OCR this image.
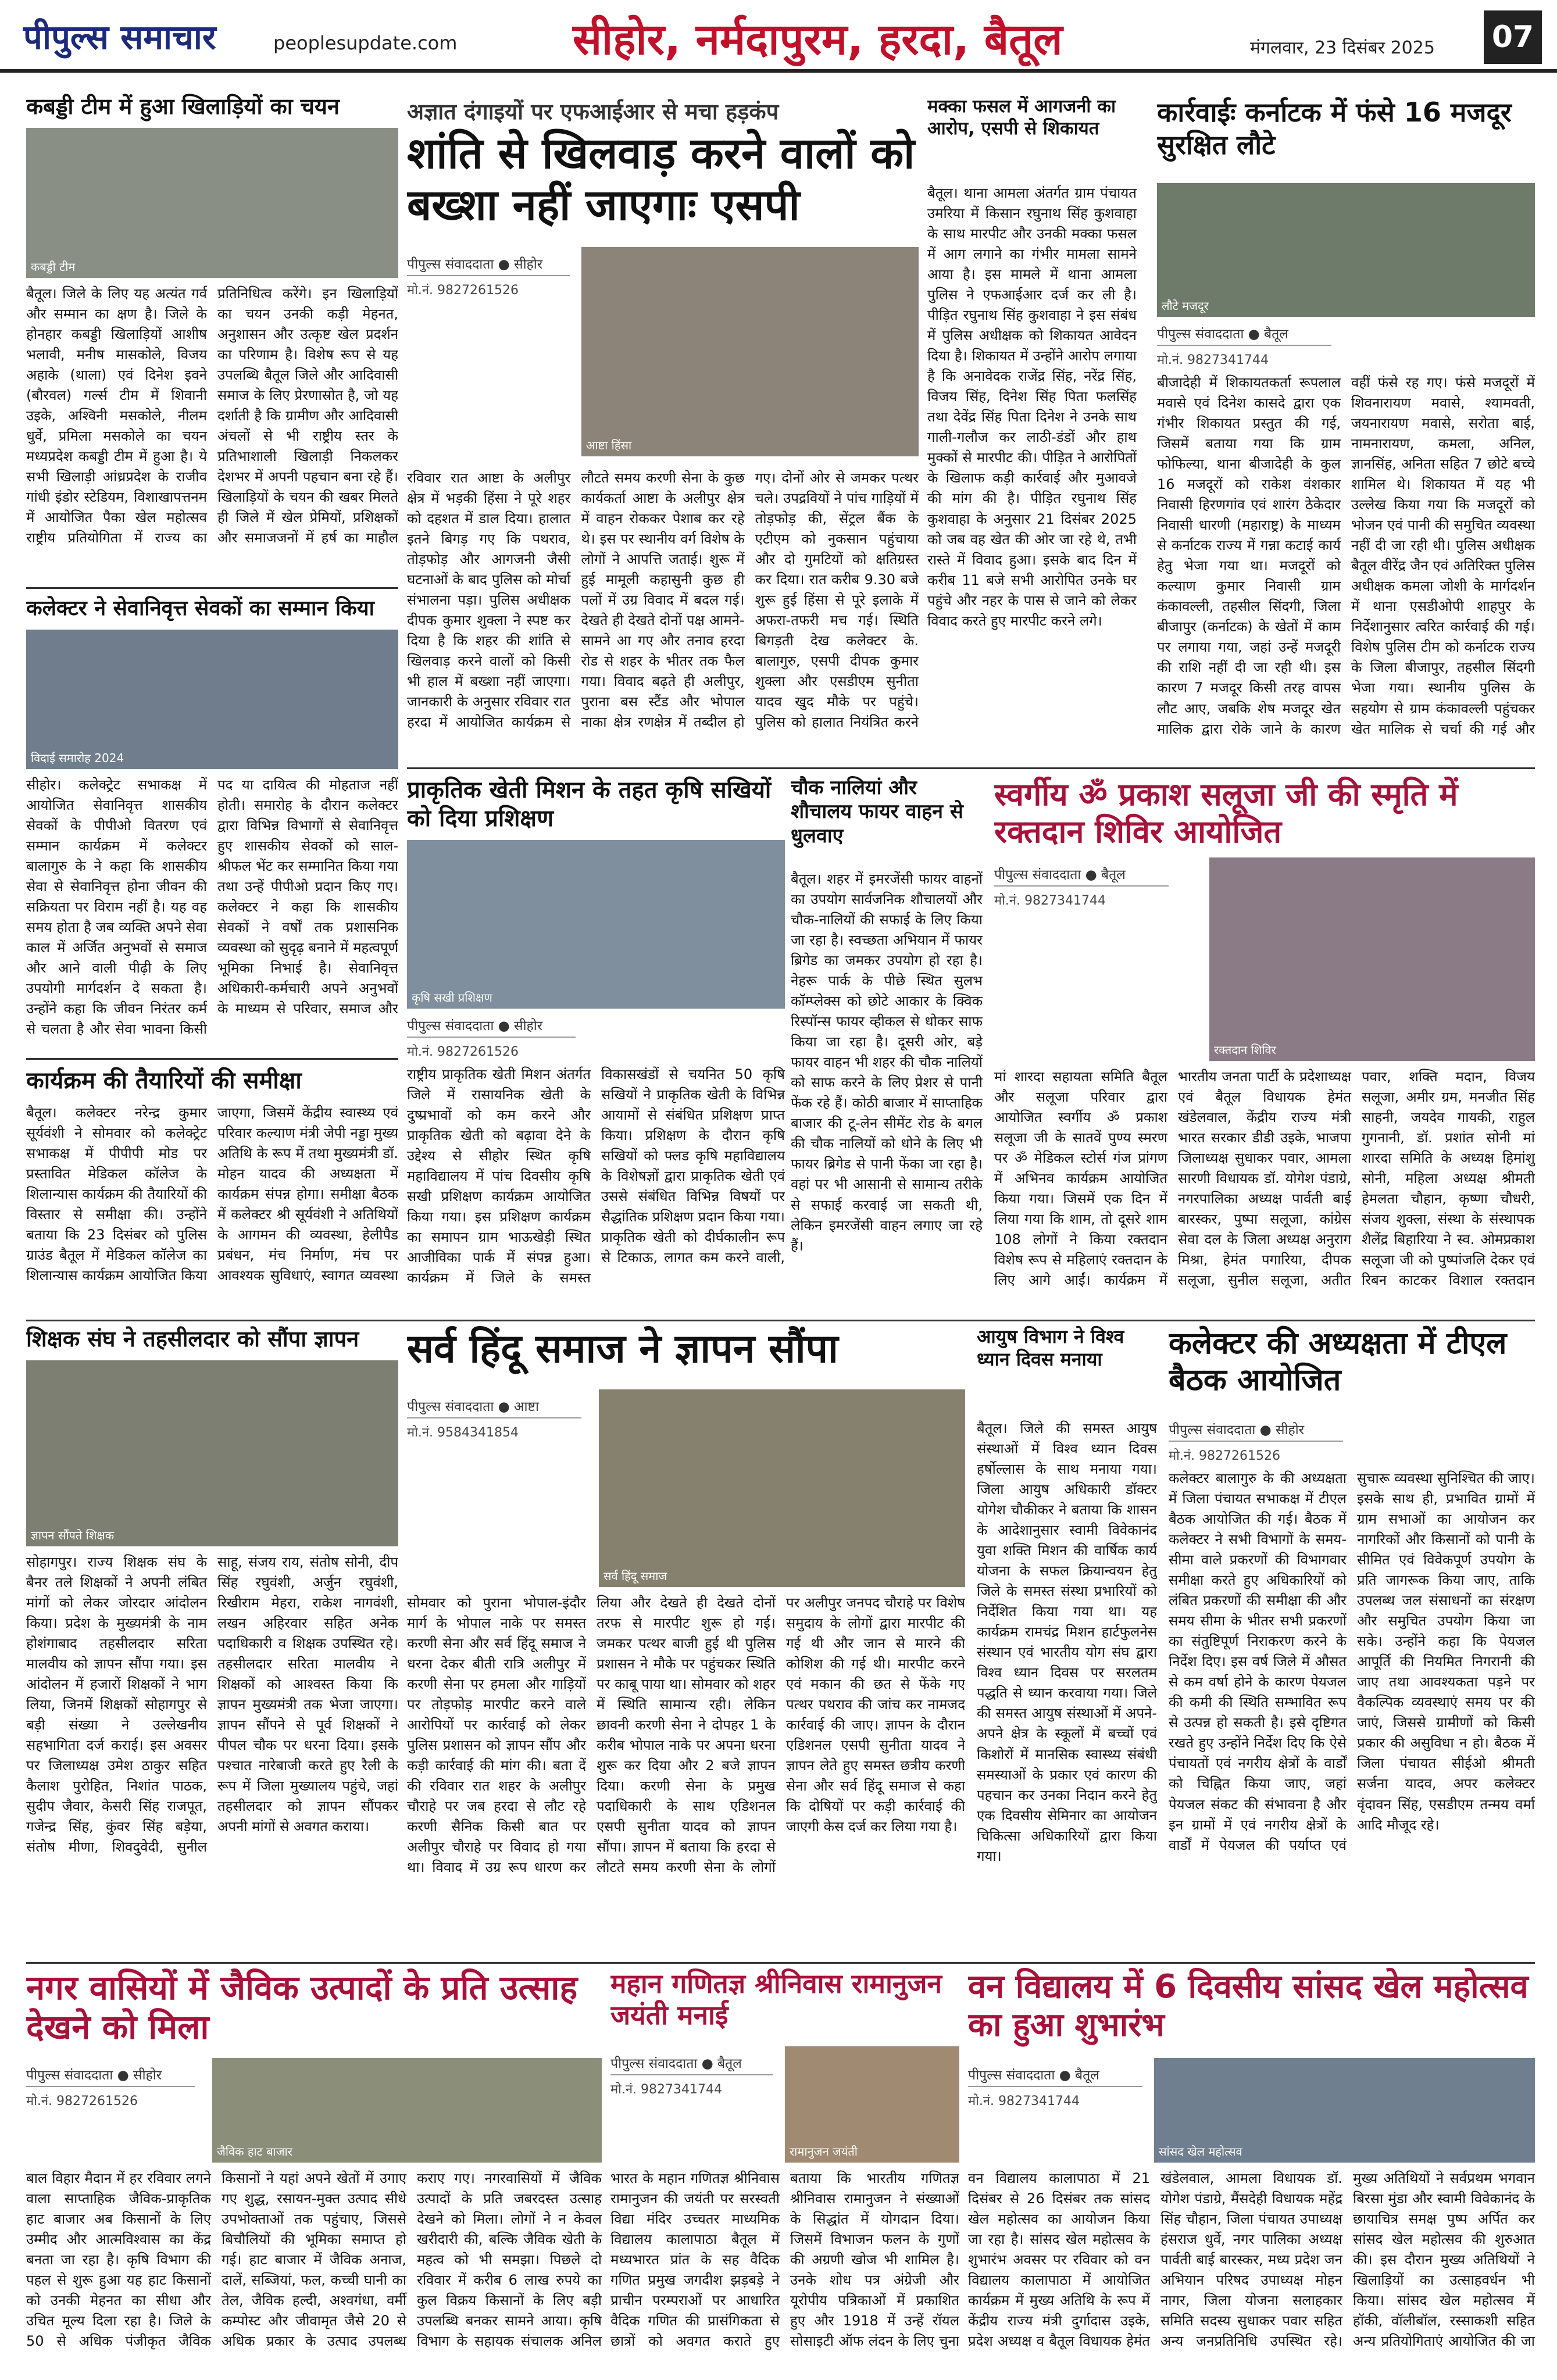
पीपुल्स समाचार	peoplesupdate.com	सीहोर, नर्मदापुरम, हरदा, बैतूल	मंगलवार, 23 दिसंबर 2025 07
कबड्डी टीम में हुआ खिलाड़ियों का चयन
कबड्डी टीम
बैतूल। जिले के लिए यह अत्यंत गर्व और सम्मान का क्षण है। जिले के होनहार कबड्डी खिलाड़ियों आशीष भलावी, मनीष मासकोले, विजय अहाके (थाला) एवं दिनेश इवने (बौरवल) गर्ल्स टीम में शिवानी उइके, अश्विनी मसकोले, नीलम धुर्वे, प्रमिला मसकोले का चयन मध्यप्रदेश कबड्डी टीम में हुआ है। ये सभी खिलाड़ी आंध्रप्रदेश के राजीव गांधी इंडोर स्टेडियम, विशाखापत्तनम में आयोजित पैका खेल महोत्सव राष्ट्रीय प्रतियोगिता में राज्य का प्रतिनिधित्व करेंगे। इन खिलाड़ियों का चयन उनकी कड़ी मेहनत, अनुशासन और उत्कृष्ट खेल प्रदर्शन का परिणाम है। विशेष रूप से यह उपलब्धि बैतूल जिले और आदिवासी समाज के लिए प्रेरणास्रोत है, जो यह दर्शाती है कि ग्रामीण और आदिवासी अंचलों से भी राष्ट्रीय स्तर के प्रतिभाशाली खिलाड़ी निकलकर देशभर में अपनी पहचान बना रहे हैं। खिलाड़ियों के चयन की खबर मिलते ही जिले में खेल प्रेमियों, प्रशिक्षकों और समाजजनों में हर्ष का माहौल
कलेक्टर ने सेवानिवृत्त सेवकों का सम्मान किया
विदाई समारोह 2024
सीहोर। कलेक्ट्रेट सभाकक्ष में आयोजित सेवानिवृत्त शासकीय सेवकों के पीपीओ वितरण एवं सम्मान कार्यक्रम में कलेक्टर बालागुरु के ने कहा कि शासकीय सेवा से सेवानिवृत्त होना जीवन की सक्रियता पर विराम नहीं है। यह वह समय होता है जब व्यक्ति अपने सेवा काल में अर्जित अनुभवों से समाज और आने वाली पीढ़ी के लिए उपयोगी मार्गदर्शन दे सकता है। उन्होंने कहा कि जीवन निरंतर कर्म से चलता है और सेवा भावना किसी पद या दायित्व की मोहताज नहीं होती। समारोह के दौरान कलेक्टर द्वारा विभिन्न विभागों से सेवानिवृत्त हुए शासकीय सेवकों को साल-श्रीफल भेंट कर सम्मानित किया गया तथा उन्हें पीपीओ प्रदान किए गए। कलेक्टर ने कहा कि शासकीय सेवकों ने वर्षों तक प्रशासनिक व्यवस्था को सुदृढ़ बनाने में महत्वपूर्ण भूमिका निभाई है। सेवानिवृत्त अधिकारी-कर्मचारी अपने अनुभवों के माध्यम से परिवार, समाज और
कार्यक्रम की तैयारियों की समीक्षा
बैतूल। कलेक्टर नरेन्द्र कुमार सूर्यवंशी ने सोमवार को कलेक्ट्रेट सभाकक्ष में पीपीपी मोड पर प्रस्तावित मेडिकल कॉलेज के शिलान्यास कार्यक्रम की तैयारियों की विस्तार से समीक्षा की। उन्होंने बताया कि 23 दिसंबर को पुलिस ग्राउंड बैतूल में मेडिकल कॉलेज का शिलान्यास कार्यक्रम आयोजित किया जाएगा, जिसमें केंद्रीय स्वास्थ्य एवं परिवार कल्याण मंत्री जेपी नड्डा मुख्य अतिथि के रूप में तथा मुख्यमंत्री डॉ. मोहन यादव की अध्यक्षता में कार्यक्रम संपन्न होगा। समीक्षा बैठक में कलेक्टर श्री सूर्यवंशी ने अतिथियों के आगमन की व्यवस्था, हेलीपैड प्रबंधन, मंच निर्माण, मंच पर आवश्यक सुविधाएं, स्वागत व्यवस्था
अज्ञात दंगाइयों पर एफआईआर से मचा हड़कंप
शांति से खिलवाड़ करने वालों को बख्शा नहीं जाएगाः एसपी
पीपुल्स संवाददाता ● सीहोर
मो.नं. 9827261526
आष्टा हिंसा
रविवार रात आष्टा के अलीपुर क्षेत्र में भड़की हिंसा ने पूरे शहर को दहशत में डाल दिया। हालात इतने बिगड़ गए कि पथराव, तोड़फोड़ और आगजनी जैसी घटनाओं के बाद पुलिस को मोर्चा संभालना पड़ा। पुलिस अधीक्षक दीपक कुमार शुक्ला ने स्पष्ट कर दिया है कि शहर की शांति से खिलवाड़ करने वालों को किसी भी हाल में बख्शा नहीं जाएगा। जानकारी के अनुसार रविवार रात हरदा में आयोजित कार्यक्रम से लौटते समय करणी सेना के कुछ कार्यकर्ता आष्टा के अलीपुर क्षेत्र में वाहन रोककर पेशाब कर रहे थे। इस पर स्थानीय वर्ग विशेष के लोगों ने आपत्ति जताई। शुरू में हुई मामूली कहासुनी कुछ ही पलों में उग्र विवाद में बदल गई। देखते ही देखते दोनों पक्ष आमने-सामने आ गए और तनाव हरदा रोड से शहर के भीतर तक फैल गया। विवाद बढ़ते ही अलीपुर, पुराना बस स्टैंड और भोपाल नाका क्षेत्र रणक्षेत्र में तब्दील हो गए। दोनों ओर से जमकर पत्थर चले। उपद्रवियों ने पांच गाड़ियों में तोड़फोड़ की, सेंट्रल बैंक के एटीएम को नुकसान पहुंचाया और दो गुमटियों को क्षतिग्रस्त कर दिया। रात करीब 9.30 बजे शुरू हुई हिंसा से पूरे इलाके में अफरा-तफरी मच गई। स्थिति बिगड़ती देख कलेक्टर के. बालागुरु, एसपी दीपक कुमार शुक्ला और एसडीएम सुनीता यादव खुद मौके पर पहुंचे। पुलिस को हालात नियंत्रित करने
मक्का फसल में आगजनी का आरोप, एसपी से शिकायत
बैतूल। थाना आमला अंतर्गत ग्राम पंचायत उमरिया में किसान रघुनाथ सिंह कुशवाहा के साथ मारपीट और उनकी मक्का फसल में आग लगाने का गंभीर मामला सामने आया है। इस मामले में थाना आमला पुलिस ने एफआईआर दर्ज कर ली है। पीड़ित रघुनाथ सिंह कुशवाहा ने इस संबंध में पुलिस अधीक्षक को शिकायत आवेदन दिया है। शिकायत में उन्होंने आरोप लगाया है कि अनावेदक राजेंद्र सिंह, नरेंद्र सिंह, विजय सिंह, दिनेश सिंह पिता फलसिंह तथा देवेंद्र सिंह पिता दिनेश ने उनके साथ गाली-गलौज कर लाठी-डंडों और हाथ मुक्कों से मारपीट की। पीड़ित ने आरोपितों के खिलाफ कड़ी कार्रवाई और मुआवजे की मांग की है। पीड़ित रघुनाथ सिंह कुशवाहा के अनुसार 21 दिसंबर 2025 को जब वह खेत की ओर जा रहे थे, तभी रास्ते में विवाद हुआ। इसके बाद दिन में करीब 11 बजे सभी आरोपित उनके घर पहुंचे और नहर के पास से जाने को लेकर विवाद करते हुए मारपीट करने लगे।
कार्रवाईः कर्नाटक में फंसे 16 मजदूर सुरक्षित लौटे
लौटे मजदूर
पीपुल्स संवाददाता ● बैतूल
मो.नं. 9827341744
बीजादेही में शिकायतकर्ता रूपलाल मवासे एवं दिनेश कासदे द्वारा एक गंभीर शिकायत प्रस्तुत की गई, जिसमें बताया गया कि ग्राम फोफिल्या, थाना बीजादेही के कुल 16 मजदूरों को राकेश वंशकार निवासी हिरणगांव एवं शारंग ठेकेदार निवासी धारणी (महाराष्ट्र) के माध्यम से कर्नाटक राज्य में गन्ना कटाई कार्य हेतु भेजा गया था। मजदूरों को कल्याण कुमार निवासी ग्राम कंकावल्ली, तहसील सिंदगी, जिला बीजापुर (कर्नाटक) के खेतों में काम पर लगाया गया, जहां उन्हें मजदूरी की राशि नहीं दी जा रही थी। इस कारण 7 मजदूर किसी तरह वापस लौट आए, जबकि शेष मजदूर खेत मालिक द्वारा रोके जाने के कारण वहीं फंसे रह गए। फंसे मजदूरों में शिवनारायण मवासे, श्यामवती, जयनारायण मवासे, सरोता बाई, नामनारायण, कमला, अनिल, ज्ञानसिंह, अनिता सहित 7 छोटे बच्चे शामिल थे। शिकायत में यह भी उल्लेख किया गया कि मजदूरों को भोजन एवं पानी की समुचित व्यवस्था नहीं दी जा रही थी। पुलिस अधीक्षक बैतूल वीरेंद्र जैन एवं अतिरिक्त पुलिस अधीक्षक कमला जोशी के मार्गदर्शन में थाना एसडीओपी शाहपुर के निर्देशानुसार त्वरित कार्रवाई की गई। विशेष पुलिस टीम को कर्नाटक राज्य के जिला बीजापुर, तहसील सिंदगी भेजा गया। स्थानीय पुलिस के सहयोग से ग्राम कंकावल्ली पहुंचकर खेत मालिक से चर्चा की गई और
प्राकृतिक खेती मिशन के तहत कृषि सखियों को दिया प्रशिक्षण
कृषि सखी प्रशिक्षण
पीपुल्स संवाददाता ● सीहोर
मो.नं. 9827261526
राष्ट्रीय प्राकृतिक खेती मिशन अंतर्गत जिले में रासायनिक खेती के दुष्प्रभावों को कम करने और प्राकृतिक खेती को बढ़ावा देने के उद्देश्य से सीहोर स्थित कृषि महाविद्यालय में पांच दिवसीय कृषि सखी प्रशिक्षण कार्यक्रम आयोजित किया गया। इस प्रशिक्षण कार्यक्रम का समापन ग्राम भाऊखेड़ी स्थित आजीविका पार्क में संपन्न हुआ। कार्यक्रम में जिले के समस्त विकासखंडों से चयनित 50 कृषि सखियों ने प्राकृतिक खेती के विभिन्न आयामों से संबंधित प्रशिक्षण प्राप्त किया। प्रशिक्षण के दौरान कृषि सखियों को फ्लड कृषि महाविद्यालय के विशेषज्ञों द्वारा प्राकृतिक खेती एवं उससे संबंधित विभिन्न विषयों पर सैद्धांतिक प्रशिक्षण प्रदान किया गया। प्राकृतिक खेती को दीर्घकालीन रूप से टिकाऊ, लागत कम करने वाली,
चौक नालियां और शौचालय फायर वाहन से धुलवाए
बैतूल। शहर में इमरजेंसी फायर वाहनों का उपयोग सार्वजनिक शौचालयों और चौक-नालियों की सफाई के लिए किया जा रहा है। स्वच्छता अभियान में फायर ब्रिगेड का जमकर उपयोग हो रहा है। नेहरू पार्क के पीछे स्थित सुलभ कॉम्प्लेक्स को छोटे आकार के क्विक रिस्पॉन्स फायर व्हीकल से धोकर साफ किया जा रहा है। दूसरी ओर, बड़े फायर वाहन भी शहर की चौक नालियों को साफ करने के लिए प्रेशर से पानी फेंक रहे हैं। कोठी बाजार में साप्ताहिक बाजार की टू-लेन सीमेंट रोड के बगल की चौक नालियों को धोने के लिए भी फायर ब्रिगेड से पानी फेंका जा रहा है। वहां पर भी आसानी से सामान्य तरीके से सफाई करवाई जा सकती थी, लेकिन इमरजेंसी वाहन लगाए जा रहे हैं।
स्वर्गीय ॐ प्रकाश सलूजा जी की स्मृति में रक्तदान शिविर आयोजित
पीपुल्स संवाददाता ● बैतूल
मो.नं. 9827341744
रक्तदान शिविर
मां शारदा सहायता समिति बैतूल और सलूजा परिवार द्वारा आयोजित स्वर्गीय ॐ प्रकाश सलूजा जी के सातवें पुण्य स्मरण पर ॐ मेडिकल स्टोर्स गंज प्रांगण में अभिनव कार्यक्रम आयोजित किया गया। जिसमें एक दिन में लिया गया कि शाम, तो दूसरे शाम 108 लोगों ने किया रक्तदान विशेष रूप से महिलाएं रक्तदान के लिए आगे आईं। कार्यक्रम में भारतीय जनता पार्टी के प्रदेशाध्यक्ष एवं बैतूल विधायक हेमंत खंडेलवाल, केंद्रीय राज्य मंत्री भारत सरकार डीडी उइके, भाजपा जिलाध्यक्ष सुधाकर पवार, आमला सारणी विधायक डॉ. योगेश पंडाग्रे, नगरपालिका अध्यक्ष पार्वती बाई बारस्कर, पुष्पा सलूजा, कांग्रेस सेवा दल के जिला अध्यक्ष अनुराग मिश्रा, हेमंत पगारिया, दीपक सलूजा, सुनील सलूजा, अतीत पवार, शक्ति मदान, विजय सलूजा, अमीर ग्रम, मनजीत सिंह साहनी, जयदेव गायकी, राहुल गुगनानी, डॉ. प्रशांत सोनी मां शारदा समिति के अध्यक्ष हिमांशु सोनी, महिला अध्यक्ष श्रीमती हेमलता चौहान, कृष्णा चौधरी, संजय शुक्ला, संस्था के संस्थापक शैलेंद्र बिहारिया ने स्व. ओमप्रकाश सलूजा जी को पुष्पांजलि देकर एवं रिबन काटकर विशाल रक्तदान
शिक्षक संघ ने तहसीलदार को सौंपा ज्ञापन
ज्ञापन सौंपते शिक्षक
सोहागपुर। राज्य शिक्षक संघ के बैनर तले शिक्षकों ने अपनी लंबित मांगों को लेकर जोरदार आंदोलन किया। प्रदेश के मुख्यमंत्री के नाम होशंगाबाद तहसीलदार सरिता मालवीय को ज्ञापन सौंपा गया। इस आंदोलन में हजारों शिक्षकों ने भाग लिया, जिनमें शिक्षकों सोहागपुर से बड़ी संख्या ने उल्लेखनीय सहभागिता दर्ज कराई। इस अवसर पर जिलाध्यक्ष उमेश ठाकुर सहित कैलाश पुरोहित, निशांत पाठक, सुदीप जैवार, केसरी सिंह राजपूत, गजेन्द्र सिंह, कुंवर सिंह बड़ेया, संतोष मीणा, शिवदुवेदी, सुनील साहू, संजय राय, संतोष सोनी, दीप सिंह रघुवंशी, अर्जुन रघुवंशी, रिखीराम मेहरा, राकेश नागवंशी, लखन अहिरवार सहित अनेक पदाधिकारी व शिक्षक उपस्थित रहे। तहसीलदार सरिता मालवीय ने शिक्षकों को आश्वस्त किया कि ज्ञापन मुख्यमंत्री तक भेजा जाएगा। ज्ञापन सौंपने से पूर्व शिक्षकों ने पीपल चौक पर धरना दिया। इसके पश्चात नारेबाजी करते हुए रैली के रूप में जिला मुख्यालय पहुंचे, जहां तहसीलदार को ज्ञापन सौंपकर अपनी मांगों से अवगत कराया।
सर्व हिंदू समाज ने ज्ञापन सौंपा
पीपुल्स संवाददाता ● आष्टा
मो.नं. 9584341854
सर्व हिंदू समाज
सोमवार को पुराना भोपाल-इंदौर मार्ग के भोपाल नाके पर समस्त करणी सेना और सर्व हिंदू समाज ने धरना देकर बीती रात्रि अलीपुर में करणी सेना पर हमला और गाड़ियों पर तोड़फोड़ मारपीट करने वाले आरोपियों पर कार्रवाई को लेकर पुलिस प्रशासन को ज्ञापन सौंप और कड़ी कार्रवाई की मांग की। बता दें की रविवार रात शहर के अलीपुर चौराहे पर जब हरदा से लौट रहे करणी सैनिक किसी बात पर अलीपुर चौराहे पर विवाद हो गया था। विवाद में उग्र रूप धारण कर लिया और देखते ही देखते दोनों तरफ से मारपीट शुरू हो गई। जमकर पत्थर बाजी हुई थी पुलिस प्रशासन ने मौके पर पहुंचकर स्थिति पर काबू पाया था। सोमवार को शहर में स्थिति सामान्य रही। लेकिन छावनी करणी सेना ने दोपहर 1 के करीब भोपाल नाके पर अपना धरना शुरू कर दिया और 2 बजे ज्ञापन दिया। करणी सेना के प्रमुख पदाधिकारी के साथ एडिशनल एसपी सुनीता यादव को ज्ञापन सौंपा। ज्ञापन में बताया कि हरदा से लौटते समय करणी सेना के लोगों पर अलीपुर जनपद चौराहे पर विशेष समुदाय के लोगों द्वारा मारपीट की गई थी और जान से मारने की कोशिश की गई थी। मारपीट करने एवं मकान की छत से फेंके गए पत्थर पथराव की जांच कर नामजद कार्रवाई की जाए। ज्ञापन के दौरान एडिशनल एसपी सुनीता यादव ने ज्ञापन लेते हुए समस्त छत्रीय करणी सेना और सर्व हिंदू समाज से कहा कि दोषियों पर कड़ी कार्रवाई की जाएगी केस दर्ज कर लिया गया है।
आयुष विभाग ने विश्व ध्यान दिवस मनाया
बैतूल। जिले की समस्त आयुष संस्थाओं में विश्व ध्यान दिवस हर्षोल्लास के साथ मनाया गया। जिला आयुष अधिकारी डॉक्टर योगेश चौकीकर ने बताया कि शासन के आदेशानुसार स्वामी विवेकानंद युवा शक्ति मिशन की वार्षिक कार्य योजना के सफल क्रियान्वयन हेतु जिले के समस्त संस्था प्रभारियों को निर्देशित किया गया था। यह कार्यक्रम रामचंद्र मिशन हार्टफुलनेस संस्थान एवं भारतीय योग संघ द्वारा विश्व ध्यान दिवस पर सरलतम पद्धति से ध्यान करवाया गया। जिले की समस्त आयुष संस्थाओं में अपने-अपने क्षेत्र के स्कूलों में बच्चों एवं किशोरों में मानसिक स्वास्थ्य संबंधी समस्याओं के प्रकार एवं कारण की पहचान कर उनका निदान करने हेतु एक दिवसीय सेमिनार का आयोजन चिकित्सा अधिकारियों द्वारा किया गया।
कलेक्टर की अध्यक्षता में टीएल बैठक आयोजित
पीपुल्स संवाददाता ● सीहोर
मो.नं. 9827261526
कलेक्टर बालागुरु के की अध्यक्षता में जिला पंचायत सभाकक्ष में टीएल बैठक आयोजित की गई। बैठक में कलेक्टर ने सभी विभागों के समय-सीमा वाले प्रकरणों की विभागवार समीक्षा करते हुए अधिकारियों को लंबित प्रकरणों की समीक्षा की और समय सीमा के भीतर सभी प्रकरणों का संतुष्टिपूर्ण निराकरण करने के निर्देश दिए। इस वर्ष जिले में औसत से कम वर्षा होने के कारण पेयजल की कमी की स्थिति सम्भावित रूप से उत्पन्न हो सकती है। इसे दृष्टिगत रखते हुए उन्होंने निर्देश दिए कि ऐसे पंचायतों एवं नगरीय क्षेत्रों के वार्डों को चिह्नित किया जाए, जहां पेयजल संकट की संभावना है और इन ग्रामों में एवं नगरीय क्षेत्रों के वार्डों में पेयजल की पर्याप्त एवं सुचारू व्यवस्था सुनिश्चित की जाए। इसके साथ ही, प्रभावित ग्रामों में ग्राम सभाओं का आयोजन कर नागरिकों और किसानों को पानी के सीमित एवं विवेकपूर्ण उपयोग के प्रति जागरूक किया जाए, ताकि उपलब्ध जल संसाधनों का संरक्षण और समुचित उपयोग किया जा सके। उन्होंने कहा कि पेयजल आपूर्ति की नियमित निगरानी की जाए तथा आवश्यकता पड़ने पर वैकल्पिक व्यवस्थाएं समय पर की जाएं, जिससे ग्रामीणों को किसी प्रकार की असुविधा न हो। बैठक में जिला पंचायत सीईओ श्रीमती सर्जना यादव, अपर कलेक्टर वृंदावन सिंह, एसडीएम तन्मय वर्मा आदि मौजूद रहे।
नगर वासियों में जैविक उत्पादों के प्रति उत्साह देखने को मिला
पीपुल्स संवाददाता ● सीहोर
मो.नं. 9827261526
जैविक हाट बाजार
बाल विहार मैदान में हर रविवार लगने वाला साप्ताहिक जैविक-प्राकृतिक हाट बाजार अब किसानों के लिए उम्मीद और आत्मविश्वास का केंद्र बनता जा रहा है। कृषि विभाग की पहल से शुरू हुआ यह हाट किसानों को उनकी मेहनत का सीधा और उचित मूल्य दिला रहा है। जिले के 50 से अधिक पंजीकृत जैविक किसानों ने यहां अपने खेतों में उगाए गए शुद्ध, रसायन-मुक्त उत्पाद सीधे उपभोक्ताओं तक पहुंचाए, जिससे बिचौलियों की भूमिका समाप्त हो गई। हाट बाजार में जैविक अनाज, दालें, सब्जियां, फल, कच्ची घानी का तेल, जैविक हल्दी, अश्वगंधा, वर्मी कम्पोस्ट और जीवामृत जैसे 20 से अधिक प्रकार के उत्पाद उपलब्ध कराए गए। नगरवासियों में जैविक उत्पादों के प्रति जबरदस्त उत्साह देखने को मिला। लोगों ने न केवल खरीदारी की, बल्कि जैविक खेती के महत्व को भी समझा। पिछले दो रविवार में करीब 6 लाख रुपये का कुल विक्रय किसानों के लिए बड़ी उपलब्धि बनकर सामने आया। कृषि विभाग के सहायक संचालक अनिल
महान गणितज्ञ श्रीनिवास रामानुजन जयंती मनाई
पीपुल्स संवाददाता ● बैतूल
मो.नं. 9827341744
रामानुजन जयंती
भारत के महान गणितज्ञ श्रीनिवास रामानुजन की जयंती पर सरस्वती विद्या मंदिर उच्चतर माध्यमिक विद्यालय कालापाठा बैतूल में मध्यभारत प्रांत के सह वैदिक गणित प्रमुख जगदीश झड़बड़े ने प्राचीन परम्पराओं पर आधारित वैदिक गणित की प्रासंगिकता से छात्रों को अवगत कराते हुए बताया कि भारतीय गणितज्ञ श्रीनिवास रामानुजन ने संख्याओं के सिद्धांत में योगदान दिया। जिसमें विभाजन फलन के गुणों की अग्रणी खोज भी शामिल है। उनके शोध पत्र अंग्रेजी और यूरोपीय पत्रिकाओं में प्रकाशित हुए और 1918 में उन्हें रॉयल सोसाइटी ऑफ लंदन के लिए चुना
वन विद्यालय में 6 दिवसीय सांसद खेल महोत्सव का हुआ शुभारंभ
पीपुल्स संवाददाता ● बैतूल
मो.नं. 9827341744
सांसद खेल महोत्सव
वन विद्यालय कालापाठा में 21 दिसंबर से 26 दिसंबर तक सांसद खेल महोत्सव का आयोजन किया जा रहा है। सांसद खेल महोत्सव के शुभारंभ अवसर पर रविवार को वन विद्यालय कालापाठा में आयोजित कार्यक्रम में मुख्य अतिथि के रूप में केंद्रीय राज्य मंत्री दुर्गादास उइके, प्रदेश अध्यक्ष व बैतूल विधायक हेमंत खंडेलवाल, आमला विधायक डॉ. योगेश पंडाग्रे, मैंसदेही विधायक महेंद्र सिंह चौहान, जिला पंचायत उपाध्यक्ष हंसराज धुर्वे, नगर पालिका अध्यक्ष पार्वती बाई बारस्कर, मध्य प्रदेश जन अभियान परिषद उपाध्यक्ष मोहन नागर, जिला योजना सलाहकार समिति सदस्य सुधाकर पवार सहित अन्य जनप्रतिनिधि उपस्थित रहे। मुख्य अतिथियों ने सर्वप्रथम भगवान बिरसा मुंडा और स्वामी विवेकानंद के छायाचित्र समक्ष पुष्प अर्पित कर सांसद खेल महोत्सव की शुरुआत की। इस दौरान मुख्य अतिथियों ने खिलाड़ियों का उत्साहवर्धन भी किया। सांसद खेल महोत्सव में हॉकी, वॉलीबॉल, रस्साकशी सहित अन्य प्रतियोगिताएं आयोजित की जा
